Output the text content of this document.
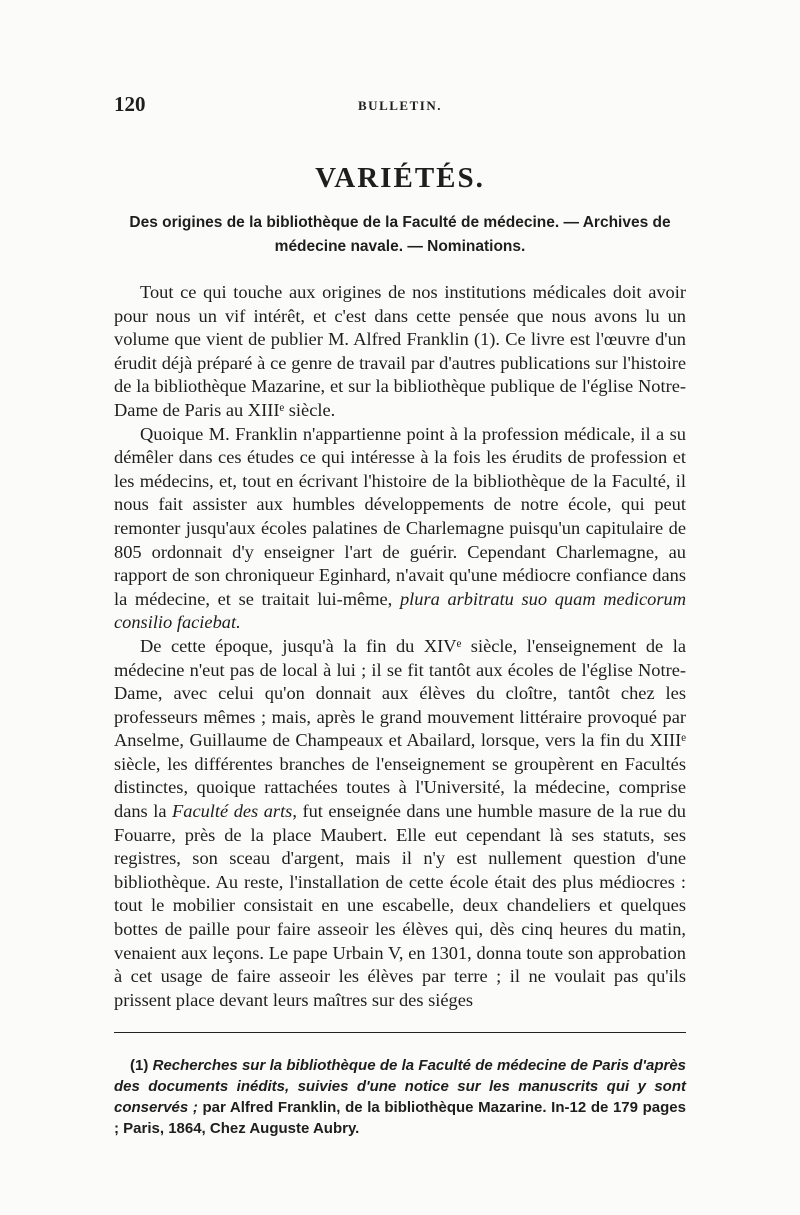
120	BULLETIN.
VARIÉTÉS.
Des origines de la bibliothèque de la Faculté de médecine. — Archives de médecine navale. — Nominations.

Tout ce qui touche aux origines de nos institutions médicales doit avoir pour nous un vif intérêt, et c'est dans cette pensée que nous avons lu un volume que vient de publier M. Alfred Franklin (1). Ce livre est l'œuvre d'un érudit déjà préparé à ce genre de travail par d'autres publications sur l'histoire de la bibliothèque Mazarine, et sur la bibliothèque publique de l'église Notre-Dame de Paris au XIIIᵉ siècle.

Quoique M. Franklin n'appartienne point à la profession médicale, il a su démêler dans ces études ce qui intéresse à la fois les érudits de profession et les médecins, et, tout en écrivant l'histoire de la bibliothèque de la Faculté, il nous fait assister aux humbles développements de notre école, qui peut remonter jusqu'aux écoles palatines de Charlemagne puisqu'un capitulaire de 805 ordonnait d'y enseigner l'art de guérir. Cependant Charlemagne, au rapport de son chroniqueur Eginhard, n'avait qu'une médiocre confiance dans la médecine, et se traitait lui-même, plura arbitratu suo quam medicorum consilio faciebat.

De cette époque, jusqu'à la fin du XIVᵉ siècle, l'enseignement de la médecine n'eut pas de local à lui ; il se fit tantôt aux écoles de l'église Notre-Dame, avec celui qu'on donnait aux élèves du cloître, tantôt chez les professeurs mêmes ; mais, après le grand mouvement littéraire provoqué par Anselme, Guillaume de Champeaux et Abailard, lorsque, vers la fin du XIIIᵉ siècle, les différentes branches de l'enseignement se groupèrent en Facultés distinctes, quoique rattachées toutes à l'Université, la médecine, comprise dans la Faculté des arts, fut enseignée dans une humble masure de la rue du Fouarre, près de la place Maubert. Elle eut cependant là ses statuts, ses registres, son sceau d'argent, mais il n'y est nullement question d'une bibliothèque. Au reste, l'installation de cette école était des plus médiocres : tout le mobilier consistait en une escabelle, deux chandeliers et quelques bottes de paille pour faire asseoir les élèves qui, dès cinq heures du matin, venaient aux leçons. Le pape Urbain V, en 1301, donna toute son approbation à cet usage de faire asseoir les élèves par terre ; il ne voulait pas qu'ils prissent place devant leurs maîtres sur des siéges

(1) Recherches sur la bibliothèque de la Faculté de médecine de Paris d'après des documents inédits, suivies d'une notice sur les manuscrits qui y sont conservés ; par Alfred Franklin, de la bibliothèque Mazarine. In-12 de 179 pages ; Paris, 1864, Chez Auguste Aubry.
